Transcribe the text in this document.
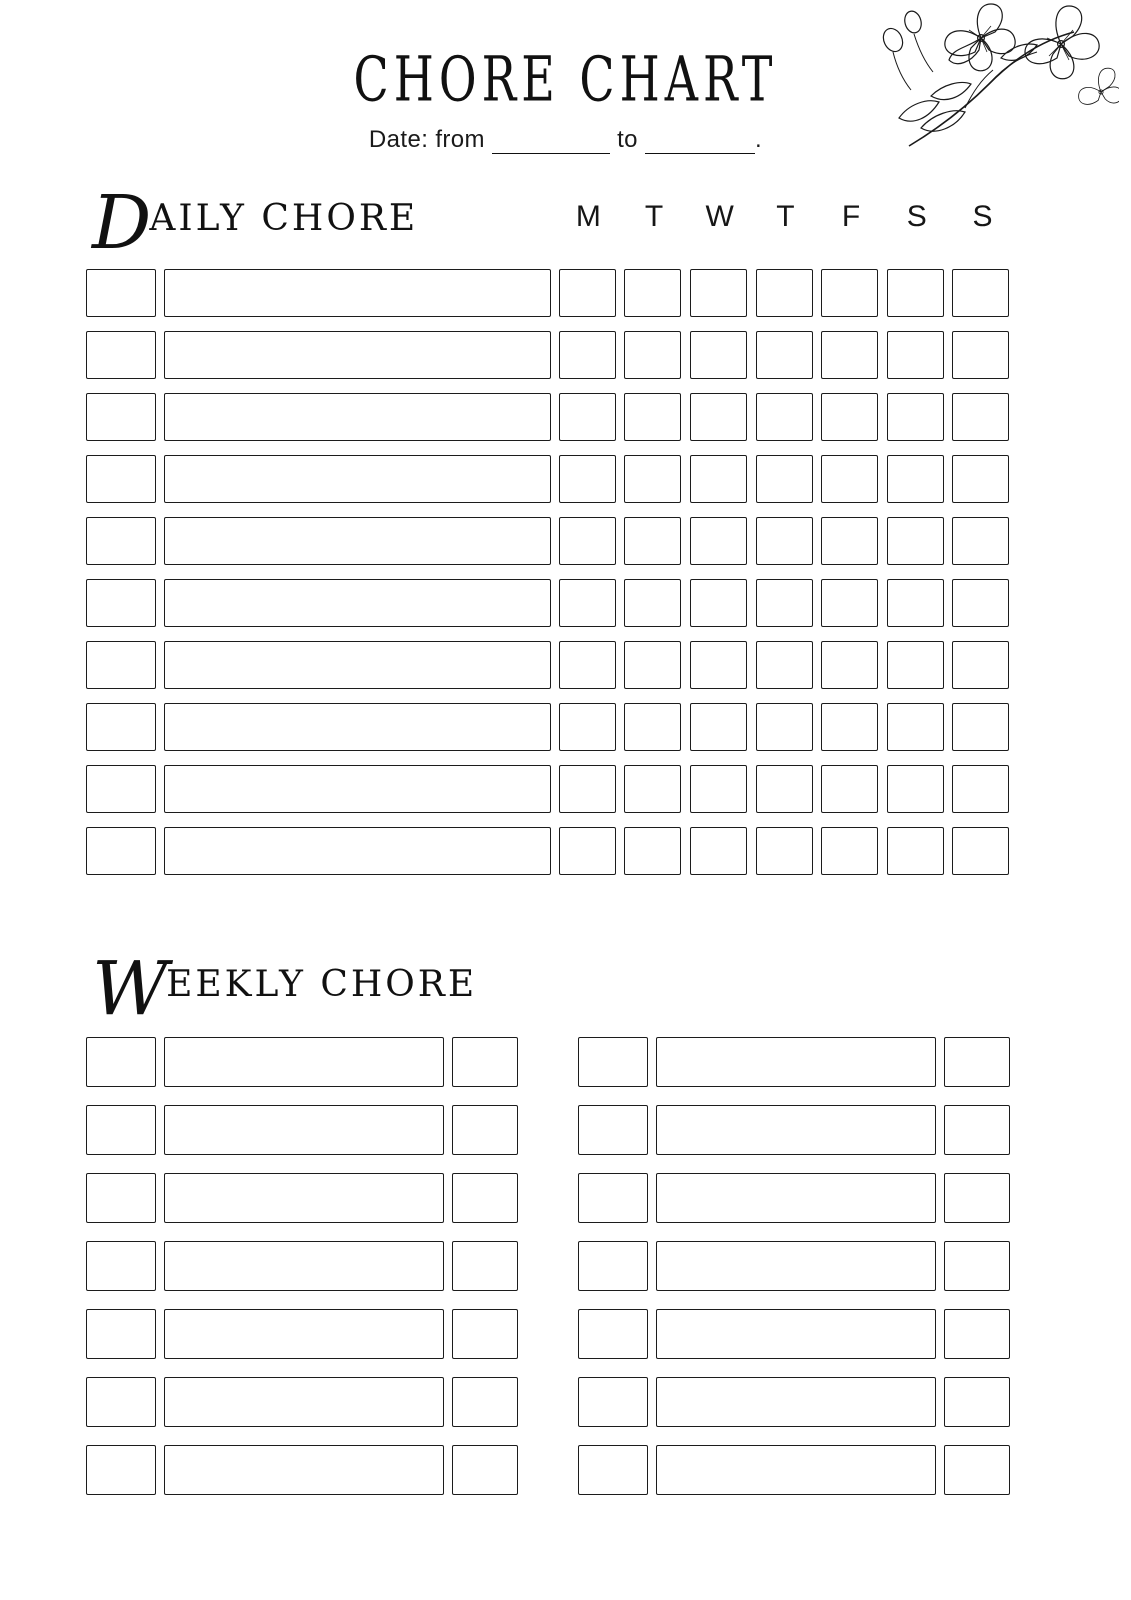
CHORE CHART
Date: from	to	.
DAILY CHORE	M	T	W	T	F	S	S
WEEKLY CHORE
